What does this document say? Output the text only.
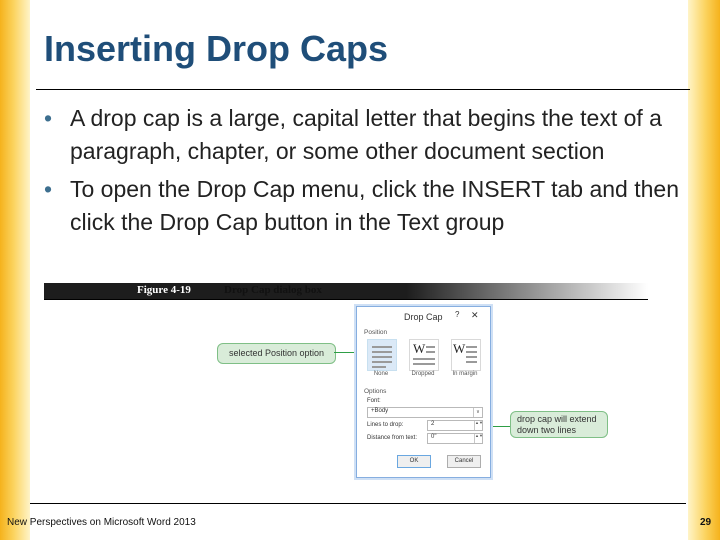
Inserting Drop Caps
• A drop cap is a large, capital letter that begins the text of a paragraph, chapter, or some other document section
• To open the Drop Cap menu, click the INSERT tab and then click the Drop Cap button in the Text group
Figure 4-19	Drop Cap dialog box
selected Position option
drop cap will extend down two lines
Drop Cap ? ✕
Position
None
W
Dropped
W
In margin
Options
Font:
+Body	∨
Lines to drop:	2	▲▼
Distance from text: 0"	▲▼
OK	Cancel
New Perspectives on Microsoft Word 2013	29
